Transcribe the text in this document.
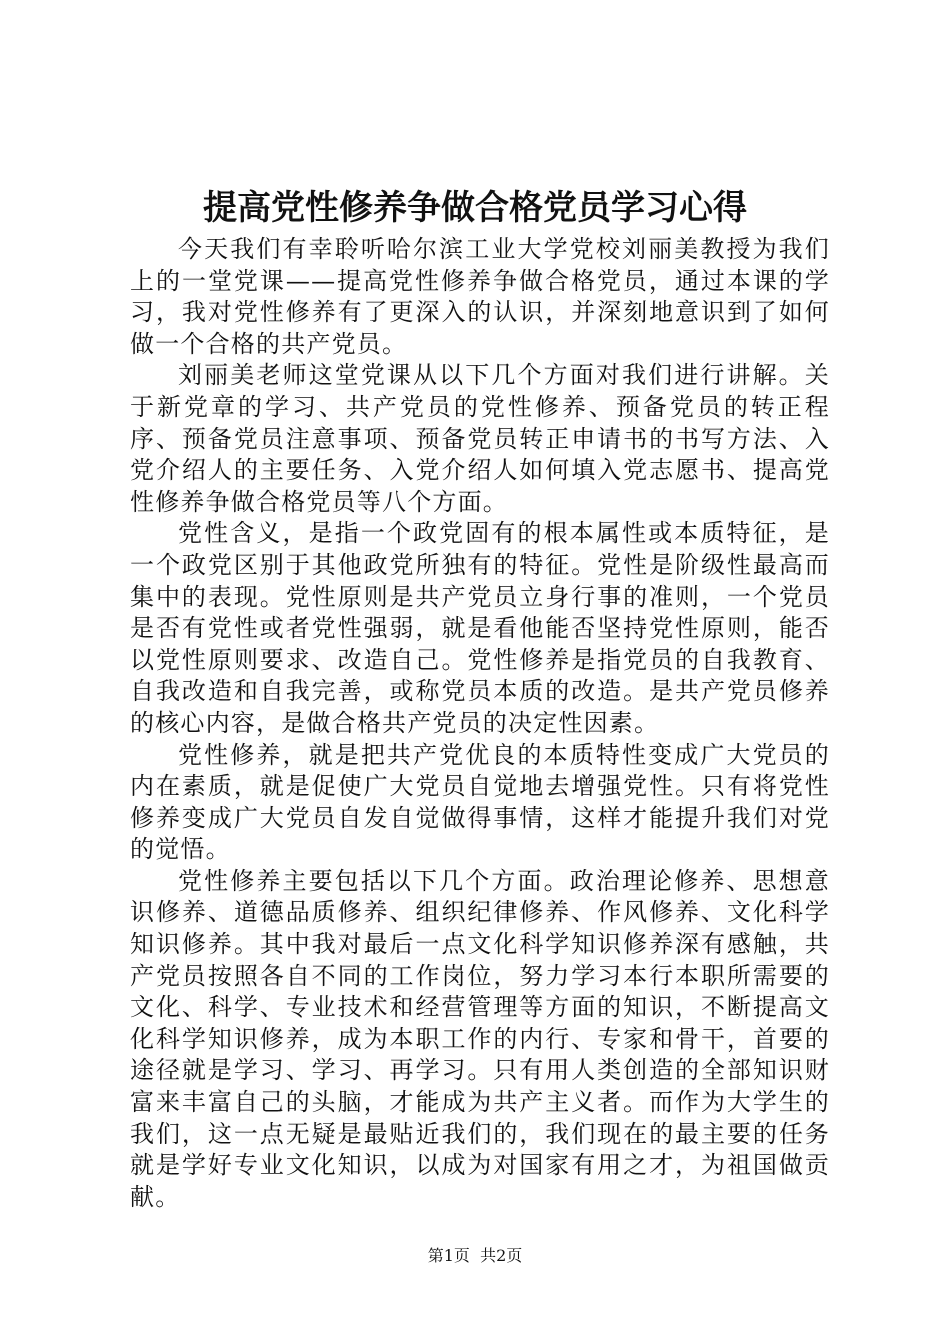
提高党性修养争做合格党员学习心得

今天我们有幸聆听哈尔滨工业大学党校刘丽美教授为我们上的一堂党课——提高党性修养争做合格党员，通过本课的学习，我对党性修养有了更深入的认识，并深刻地意识到了如何做一个合格的共产党员。

刘丽美老师这堂党课从以下几个方面对我们进行讲解。关于新党章的学习、共产党员的党性修养、预备党员的转正程序、预备党员注意事项、预备党员转正申请书的书写方法、入党介绍人的主要任务、入党介绍人如何填入党志愿书、提高党性修养争做合格党员等八个方面。

党性含义，是指一个政党固有的根本属性或本质特征，是一个政党区别于其他政党所独有的特征。党性是阶级性最高而集中的表现。党性原则是共产党员立身行事的准则，一个党员是否有党性或者党性强弱，就是看他能否坚持党性原则，能否以党性原则要求、改造自己。党性修养是指党员的自我教育、自我改造和自我完善，或称党员本质的改造。是共产党员修养的核心内容，是做合格共产党员的决定性因素。

党性修养，就是把共产党优良的本质特性变成广大党员的内在素质，就是促使广大党员自觉地去增强党性。只有将党性修养变成广大党员自发自觉做得事情，这样才能提升我们对党的觉悟。

党性修养主要包括以下几个方面。政治理论修养、思想意识修养、道德品质修养、组织纪律修养、作风修养、文化科学知识修养。其中我对最后一点文化科学知识修养深有感触，共产党员按照各自不同的工作岗位，努力学习本行本职所需要的文化、科学、专业技术和经营管理等方面的知识，不断提高文化科学知识修养，成为本职工作的内行、专家和骨干，首要的途径就是学习、学习、再学习。只有用人类创造的全部知识财富来丰富自己的头脑，才能成为共产主义者。而作为大学生的我们，这一点无疑是最贴近我们的，我们现在的最主要的任务就是学好专业文化知识，以成为对国家有用之才，为祖国做贡献。

第1页  共2页
